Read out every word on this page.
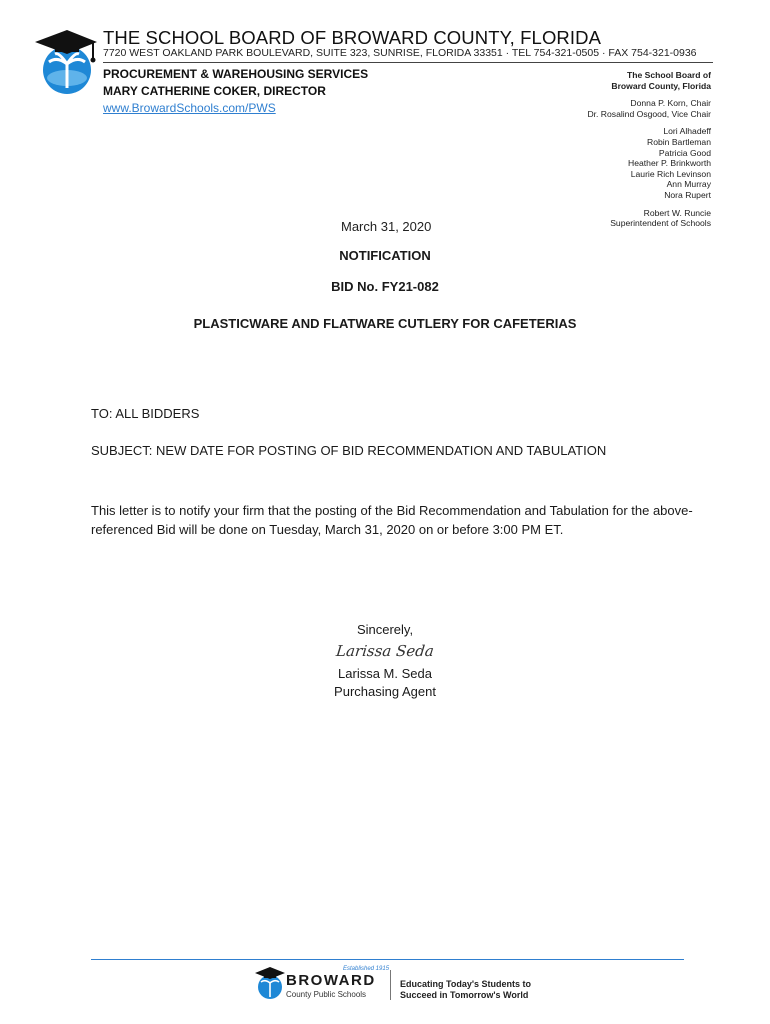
THE SCHOOL BOARD OF BROWARD COUNTY, FLORIDA
7720 WEST OAKLAND PARK BOULEVARD, SUITE 323, SUNRISE, FLORIDA 33351 · TEL 754-321-0505 · FAX 754-321-0936
PROCUREMENT & WAREHOUSING SERVICES
MARY CATHERINE COKER, DIRECTOR
www.BrowardSchools.com/PWS
The School Board of
Broward County, Florida
Donna P. Korn, Chair
Dr. Rosalind Osgood, Vice Chair
Lori Alhadeff
Robin Bartleman
Patricia Good
Heather P. Brinkworth
Laurie Rich Levinson
Ann Murray
Nora Rupert
Robert W. Runcie
Superintendent of Schools
March 31, 2020
NOTIFICATION
BID No. FY21-082
PLASTICWARE AND FLATWARE CUTLERY FOR CAFETERIAS
TO: ALL BIDDERS
SUBJECT: NEW DATE FOR POSTING OF BID RECOMMENDATION AND TABULATION
This letter is to notify your firm that the posting of the Bid Recommendation and Tabulation for the above-referenced Bid will be done on Tuesday, March 31, 2020 on or before 3:00 PM ET.
Sincerely,
Larissa Seda
Larissa M. Seda
Purchasing Agent
Established 1915
BROWARD
County Public Schools
Educating Today's Students to
Succeed in Tomorrow's World
